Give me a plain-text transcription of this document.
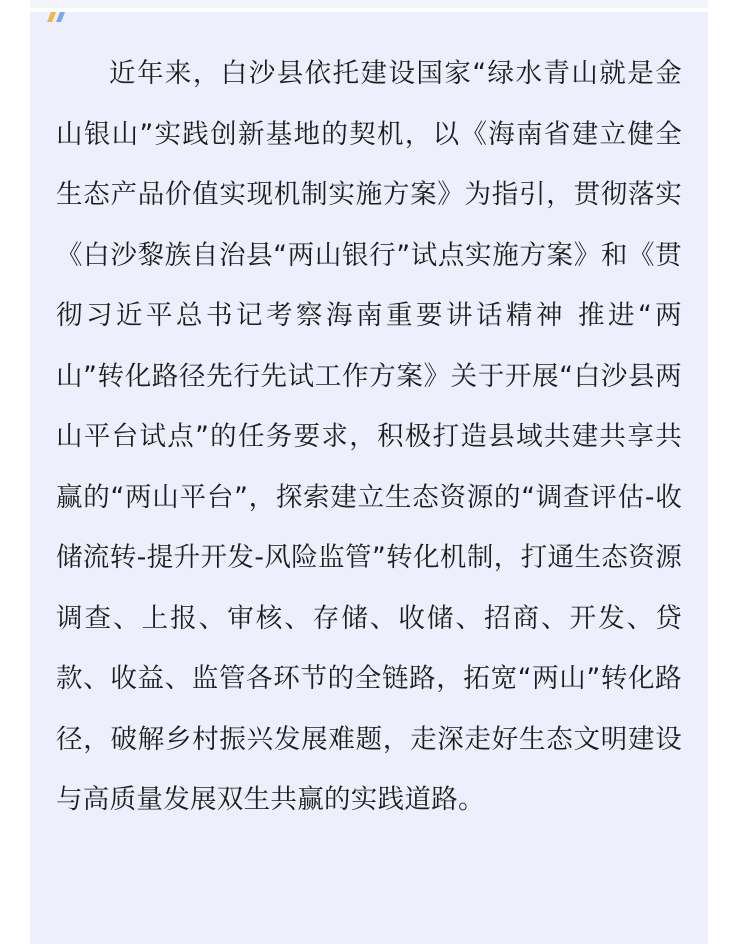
近年来，白沙县依托建设国家“绿水青山就是金山银山”实践创新基地的契机，以《海南省建立健全生态产品价值实现机制实施方案》为指引，贯彻落实《白沙黎族自治县“两山银行”试点实施方案》和《贯彻习近平总书记考察海南重要讲话精神 推进“两山”转化路径先行先试工作方案》关于开展“白沙县两山平台试点”的任务要求，积极打造县域共建共享共赢的“两山平台”，探索建立生态资源的“调查评估-收储流转-提升开发-风险监管”转化机制，打通生态资源调查、上报、审核、存储、收储、招商、开发、贷款、收益、监管各环节的全链路，拓宽“两山”转化路径，破解乡村振兴发展难题，走深走好生态文明建设与高质量发展双生共赢的实践道路。
